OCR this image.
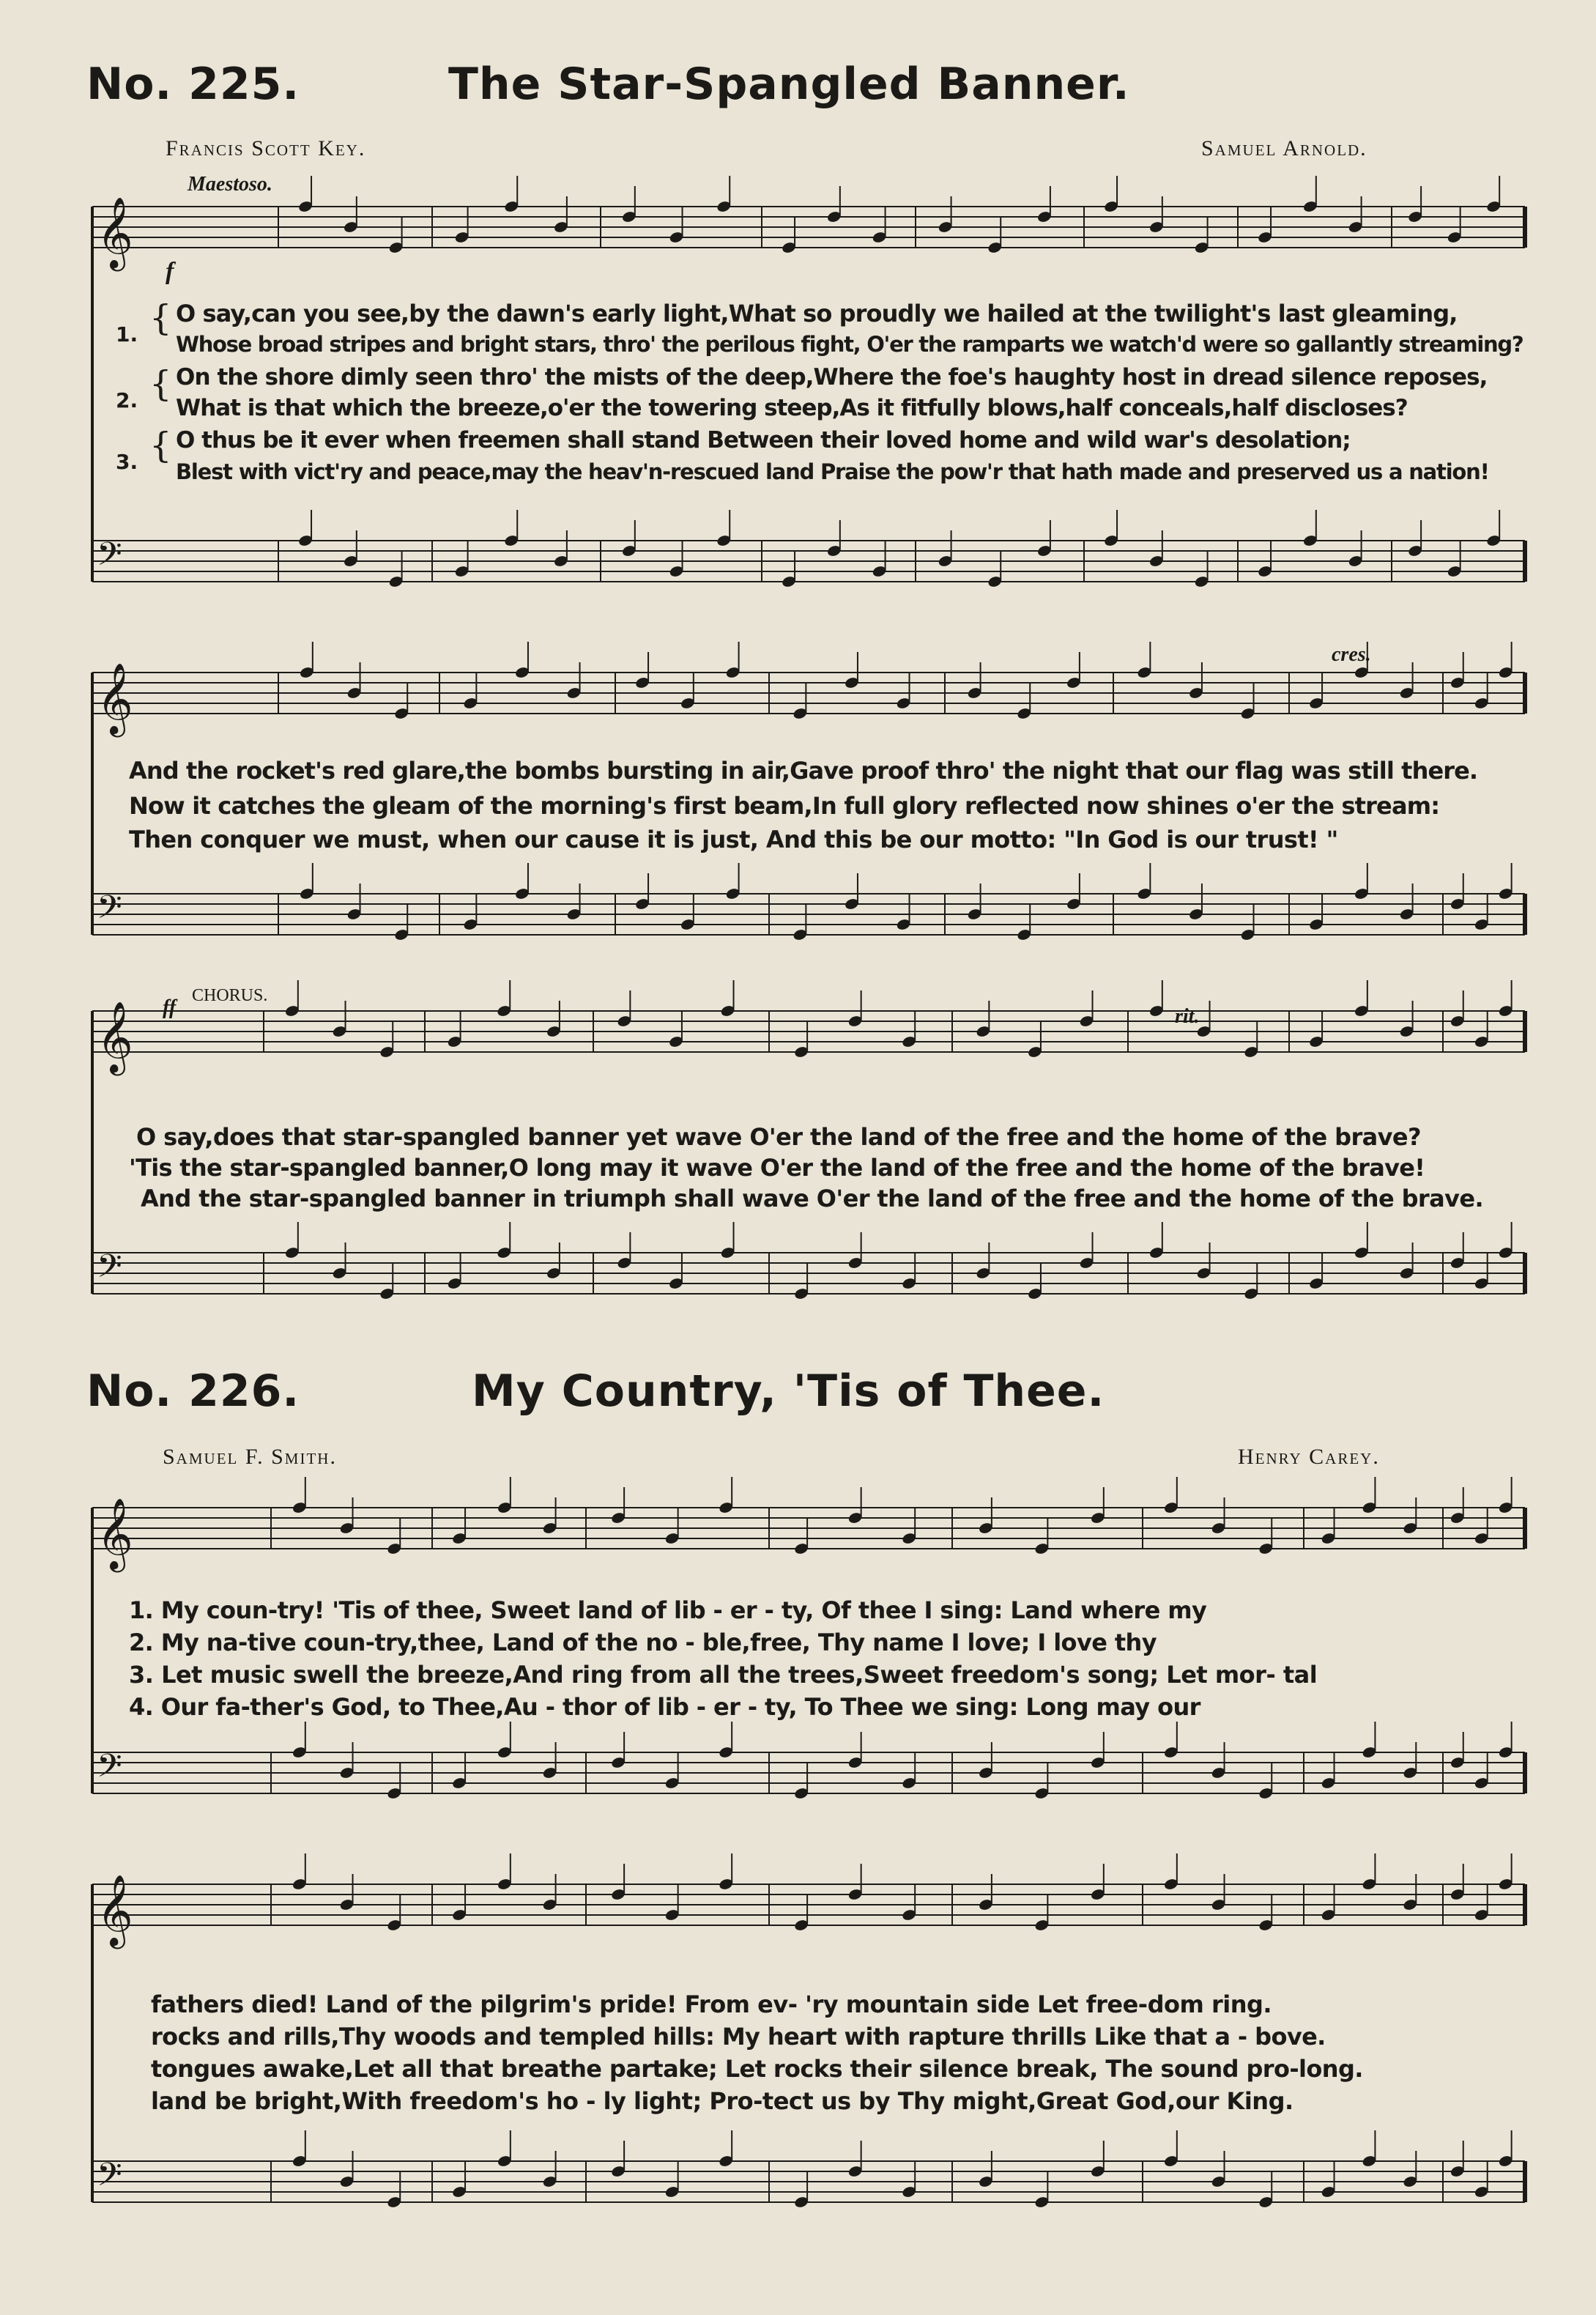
No. 225.	The Star-Spangled Banner.
Francis Scott Key.	Samuel Arnold.
Maestoso.
𝄞
𝄢
𝄞
𝄢
𝄞
𝄢
𝄞
𝄢
𝄞
𝄢
f
1.
2.
3.
{
{
{
O say,can you see,by the dawn's early light,What so proudly we hailed at the twilight's last gleaming,
Whose broad stripes and bright stars, thro' the perilous fight, O'er the ramparts we watch'd were so gallantly streaming?
On the shore dimly seen thro' the mists of the deep,Where the foe's haughty host in dread silence reposes,
What is that which the breeze,o'er the towering steep,As it fitfully blows,half conceals,half discloses?
O thus be it ever when freemen shall stand Between their loved home and wild war's desolation;
Blest with vict'ry and peace,may the heav'n-rescued land Praise the pow'r that hath made and preserved us a nation!
cres.
And the rocket's red glare,the bombs bursting in air,Gave proof thro' the night that our flag was still there.
Now it catches the gleam of the morning's first beam,In full glory reflected now shines o'er the stream:
Then conquer we must, when our cause it is just, And this be our motto: "In God is our trust! "
ff
CHORUS.
rit.
O say,does that star-spangled banner yet wave O'er the land of the free and the home of the brave?
'Tis the star-spangled banner,O long may it wave O'er the land of the free and the home of the brave!
And the star-spangled banner in triumph shall wave O'er the land of the free and the home of the brave.
No. 226.	My Country, 'Tis of Thee.
Samuel F. Smith.	Henry Carey.
1. My coun-try! 'Tis of thee, Sweet land of lib - er - ty, Of thee I sing: Land where my
2. My na-tive coun-try,thee, Land of the no - ble,free, Thy name I love; I love thy
3. Let music swell the breeze,And ring from all the trees,Sweet freedom's song; Let mor- tal
4. Our fa-ther's God, to Thee,Au - thor of lib - er - ty, To Thee we sing: Long may our
fathers died! Land of the pilgrim's pride! From ev- 'ry mountain side Let free-dom ring.
rocks and rills,Thy woods and templed hills: My heart with rapture thrills Like that a - bove.
tongues awake,Let all that breathe partake; Let rocks their silence break, The sound pro-long.
land be bright,With freedom's ho - ly light; Pro-tect us by Thy might,Great God,our King.
